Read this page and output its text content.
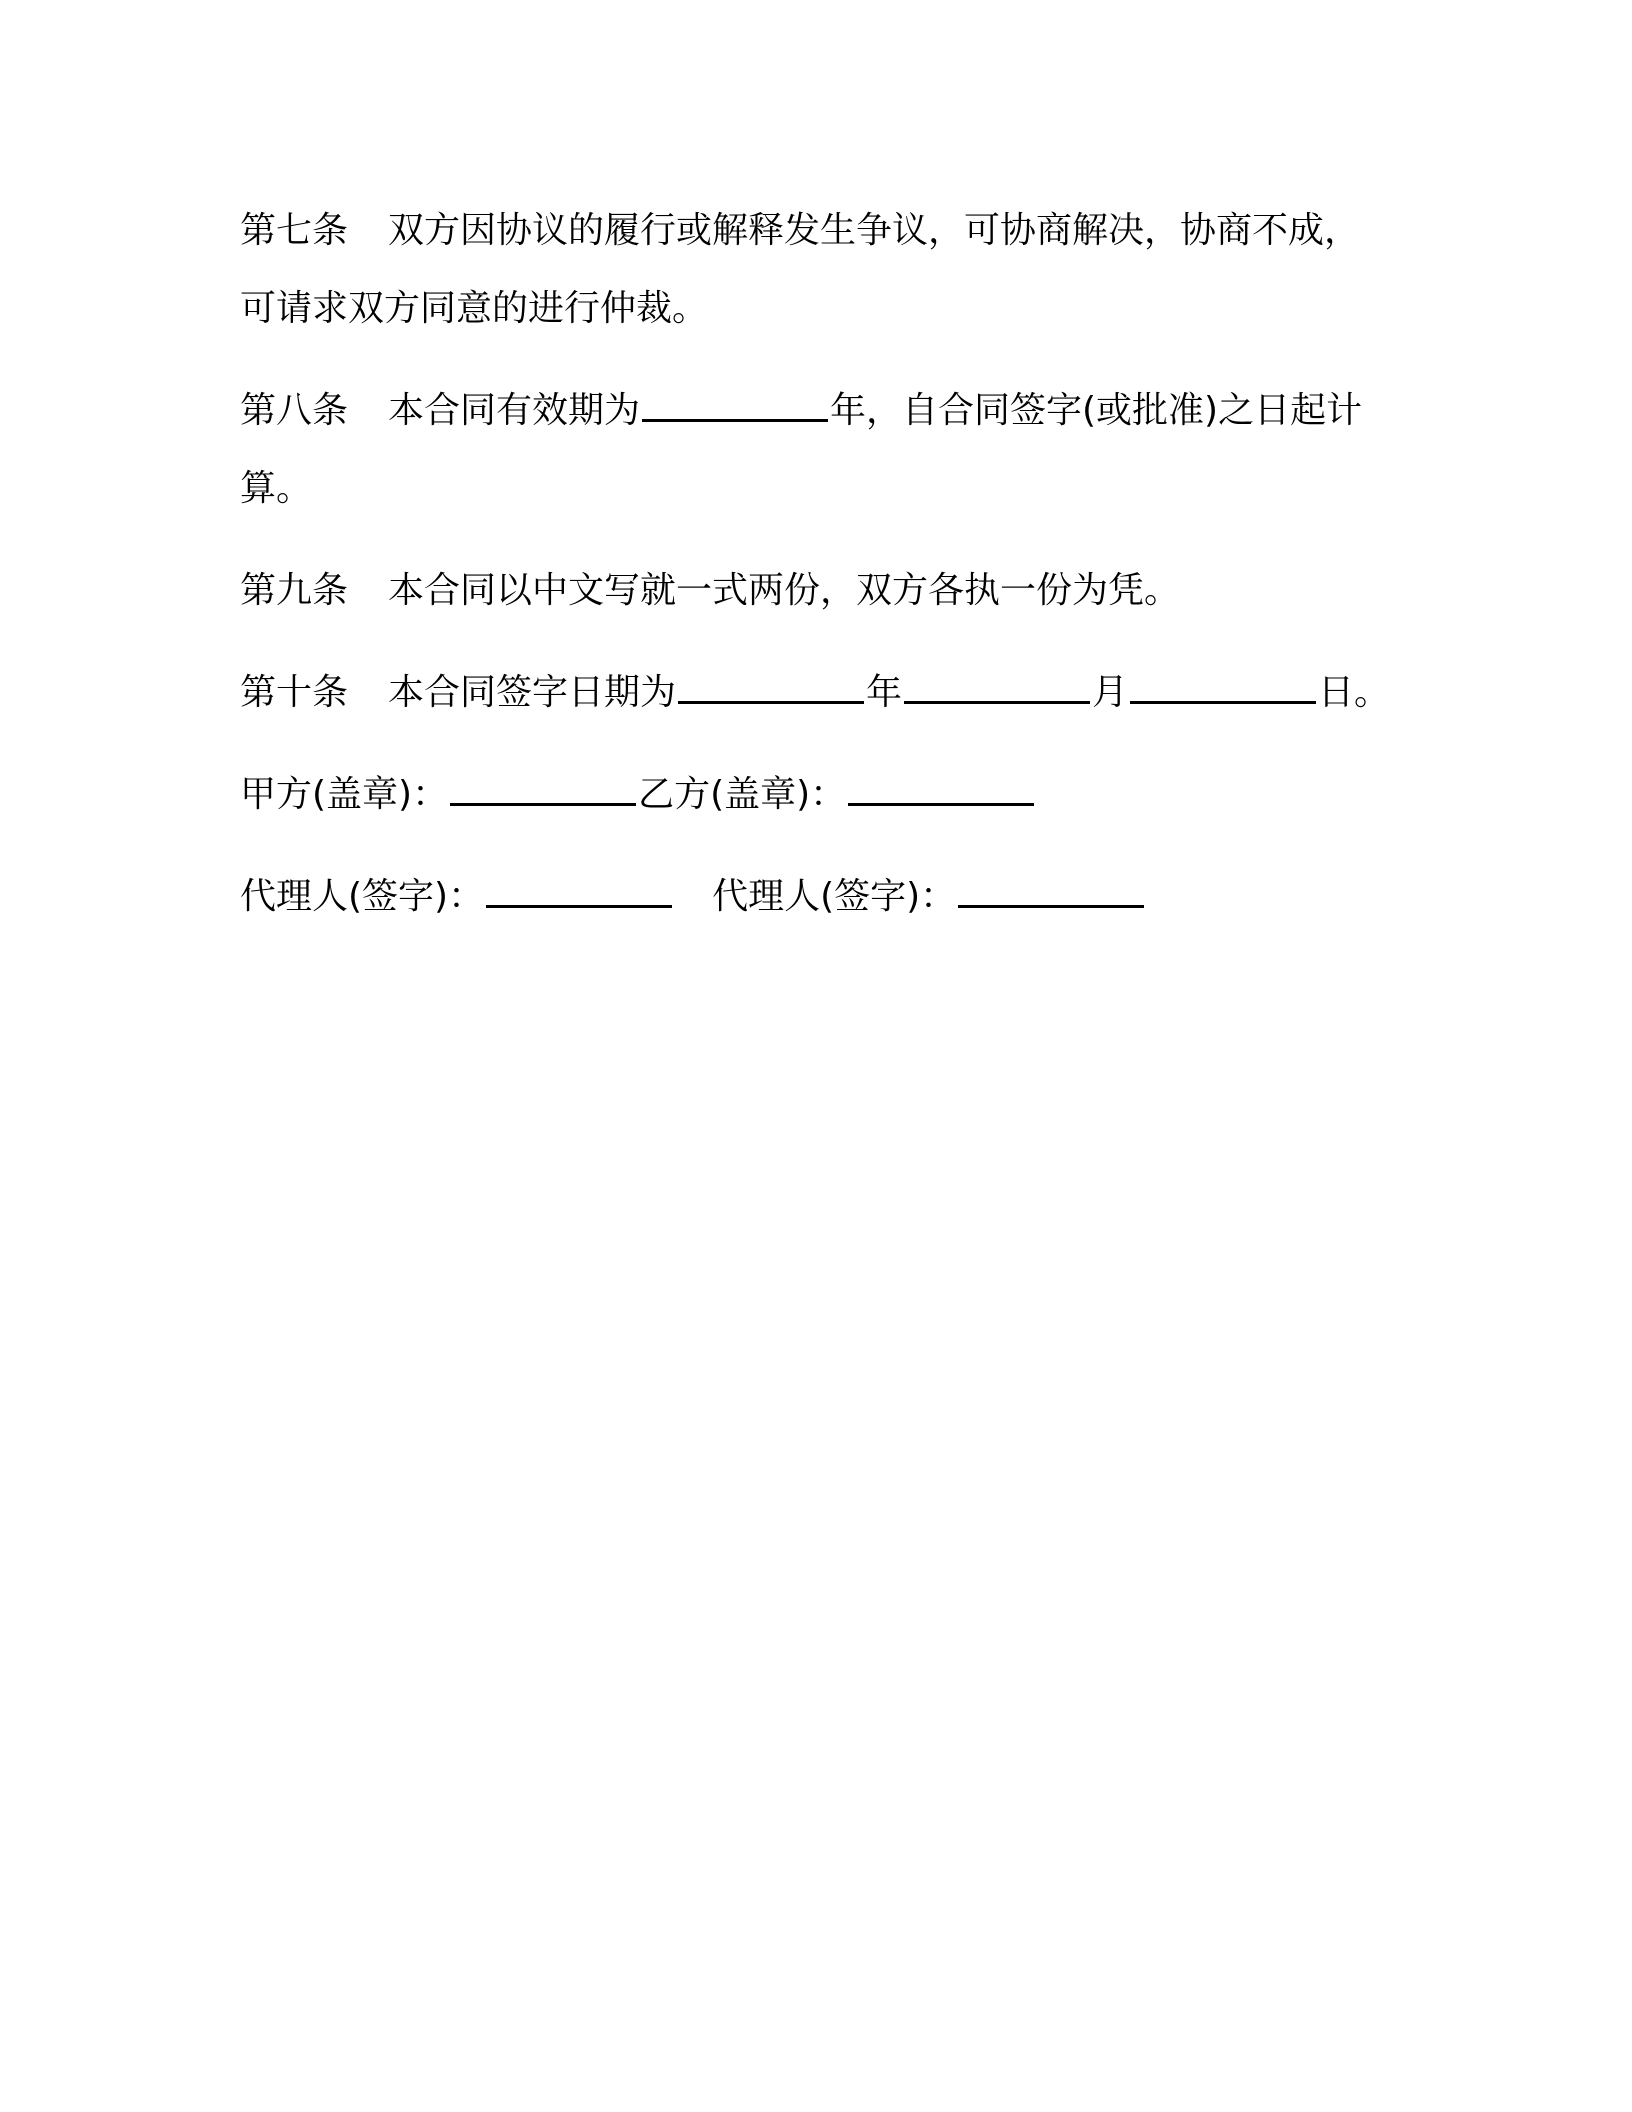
第七条 双方因协议的履行或解释发生争议，可协商解决，协商不成，可请求双方同意的进行仲裁。

第八条 本合同有效期为	年，自合同签字(或批准)之日起计算。

第九条 本合同以中文写就一式两份，双方各执一份为凭。

第十条 本合同签字日期为	年	月	日。

甲方(盖章)：	乙方(盖章)：

代理人(签字)：	代理人(签字)：
